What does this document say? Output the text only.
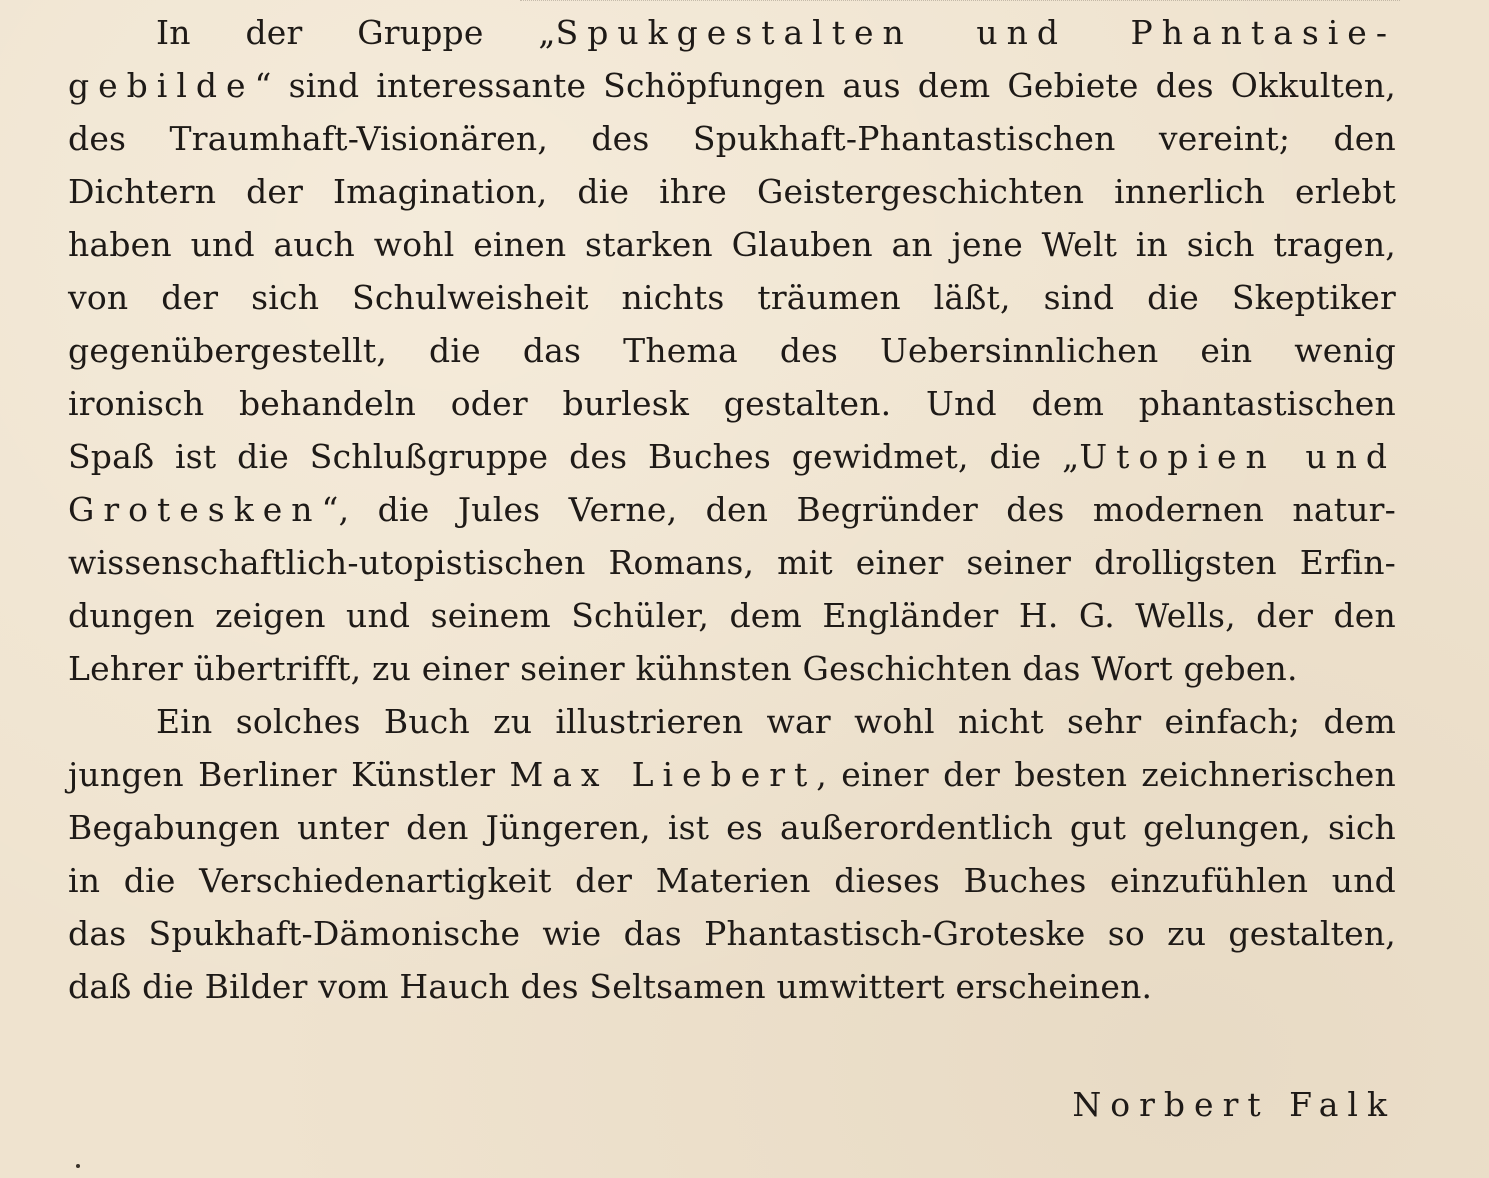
In der Gruppe „Spukgestalten und Phantasie-
gebilde“ sind interessante Schöpfungen aus dem Gebiete des Okkulten,
des Traumhaft-Visionären, des Spukhaft-Phantastischen vereint; den
Dichtern der Imagination, die ihre Geistergeschichten innerlich erlebt
haben und auch wohl einen starken Glauben an jene Welt in sich tragen,
von der sich Schulweisheit nichts träumen läßt, sind die Skeptiker
gegenübergestellt, die das Thema des Uebersinnlichen ein wenig
ironisch behandeln oder burlesk gestalten. Und dem phantastischen
Spaß ist die Schlußgruppe des Buches gewidmet, die „Utopien und
Grotesken“, die Jules Verne, den Begründer des modernen natur-
wissenschaftlich-utopistischen Romans, mit einer seiner drolligsten Erfin-
dungen zeigen und seinem Schüler, dem Engländer H. G. Wells, der den
Lehrer übertrifft, zu einer seiner kühnsten Geschichten das Wort geben.
Ein solches Buch zu illustrieren war wohl nicht sehr einfach; dem
jungen Berliner Künstler Max Liebert, einer der besten zeichnerischen
Begabungen unter den Jüngeren, ist es außerordentlich gut gelungen, sich
in die Verschiedenartigkeit der Materien dieses Buches einzufühlen und
das Spukhaft-Dämonische wie das Phantastisch-Groteske so zu gestalten,
daß die Bilder vom Hauch des Seltsamen umwittert erscheinen.
Norbert Falk
